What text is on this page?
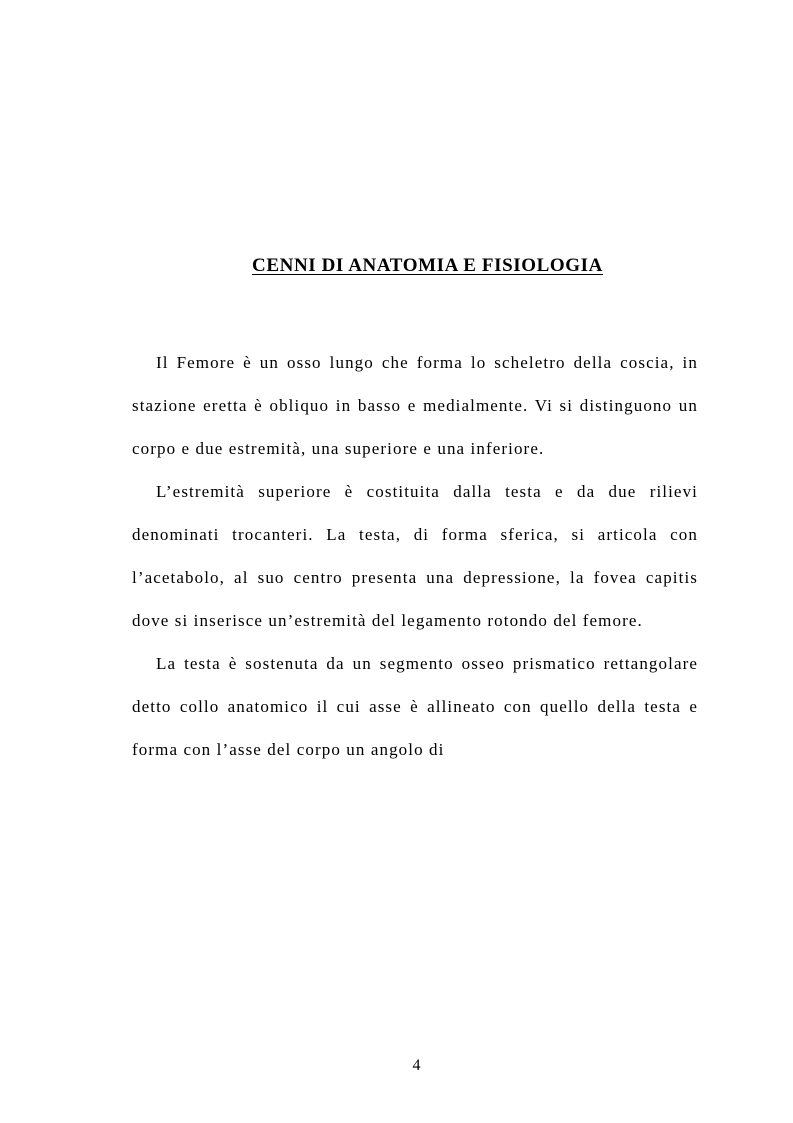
CENNI DI ANATOMIA E FISIOLOGIA

Il Femore è un osso lungo che forma lo scheletro della coscia, in stazione eretta è obliquo in basso e medialmente. Vi si distinguono un corpo e due estremità, una superiore e una inferiore.

L’estremità superiore è costituita dalla testa e da due rilievi denominati trocanteri. La testa, di forma sferica, si articola con l’acetabolo, al suo centro presenta una depressione, la fovea capitis dove si inserisce un’estremità del legamento rotondo del femore.

La testa è sostenuta da un segmento osseo prismatico rettangolare detto collo anatomico il cui asse è allineato con quello della testa e forma con l’asse del corpo un angolo di

4
